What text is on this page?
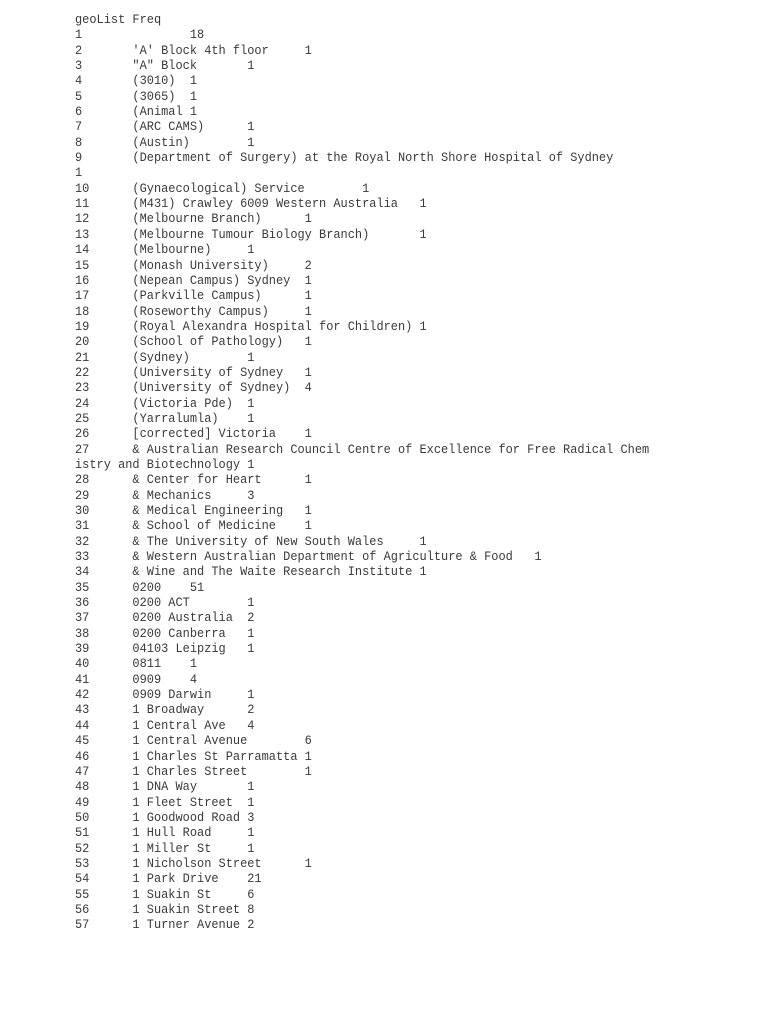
geoList Freq
1               18
2       'A' Block 4th floor     1
3       "A" Block       1
4       (3010)  1
5       (3065)  1
6       (Animal 1
7       (ARC CAMS)      1
8       (Austin)        1
9       (Department of Surgery) at the Royal North Shore Hospital of Sydney
1
10      (Gynaecological) Service        1
11      (M431) Crawley 6009 Western Australia   1
12      (Melbourne Branch)      1
13      (Melbourne Tumour Biology Branch)       1
14      (Melbourne)     1
15      (Monash University)     2
16      (Nepean Campus) Sydney  1
17      (Parkville Campus)      1
18      (Roseworthy Campus)     1
19      (Royal Alexandra Hospital for Children) 1
20      (School of Pathology)   1
21      (Sydney)        1
22      (University of Sydney   1
23      (University of Sydney)  4
24      (Victoria Pde)  1
25      (Yarralumla)    1
26      [corrected] Victoria    1
27      & Australian Research Council Centre of Excellence for Free Radical Chem
istry and Biotechnology 1
28      & Center for Heart      1
29      & Mechanics     3
30      & Medical Engineering   1
31      & School of Medicine    1
32      & The University of New South Wales     1
33      & Western Australian Department of Agriculture & Food   1
34      & Wine and The Waite Research Institute 1
35      0200    51
36      0200 ACT        1
37      0200 Australia  2
38      0200 Canberra   1
39      04103 Leipzig   1
40      0811    1
41      0909    4
42      0909 Darwin     1
43      1 Broadway      2
44      1 Central Ave   4
45      1 Central Avenue        6
46      1 Charles St Parramatta 1
47      1 Charles Street        1
48      1 DNA Way       1
49      1 Fleet Street  1
50      1 Goodwood Road 3
51      1 Hull Road     1
52      1 Miller St     1
53      1 Nicholson Street      1
54      1 Park Drive    21
55      1 Suakin St     6
56      1 Suakin Street 8
57      1 Turner Avenue 2
